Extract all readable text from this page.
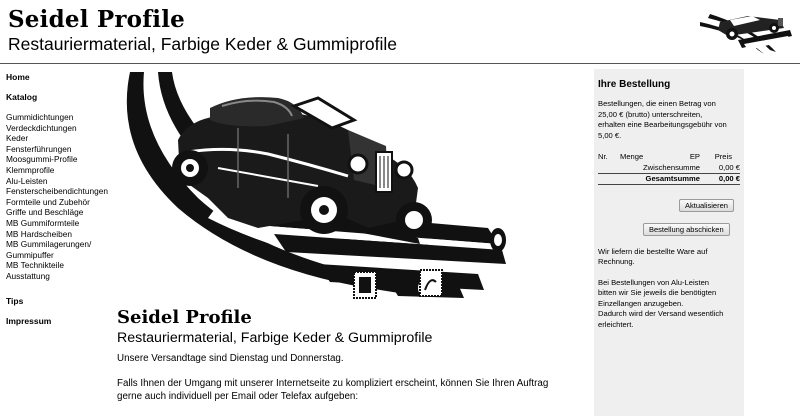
Seidel Profile
Restauriermaterial, Farbige Keder & Gummiprofile
Home
Katalog
Gummidichtungen
Verdeckdichtungen
Keder
Fensterführungen
Moosgummi-Profile
Klemmprofile
Alu-Leisten
Fensterscheibendichtungen
Formteile und Zubehör
Griffe und Beschläge
MB Gummiformteile
MB Hardscheiben
MB Gummilagerungen/
Gummipuffer
MB Technikteile
Ausstattung
Tips
Impressum	Seidel Profile
Restauriermaterial, Farbige Keder & Gummiprofile
Unsere Versandtage sind Dienstag und Donnerstag.
Falls Ihnen der Umgang mit unserer Internetseite zu kompliziert erscheint, können Sie Ihren Auftrag
gerne auch individuell per Email oder Telefax aufgeben:
Ihre Bestellung
Bestellungen, die einen Betrag von
25,00 € (brutto) unterschreiten,
erhalten eine Bearbeitungsgebühr von
5,00 €.
Nr.	Menge	EP	Preis
Zwischensumme			0,00 €
Gesamtsumme			0,00 €
Aktualisieren
Bestellung abschicken
Wir liefern die bestellte Ware auf
Rechnung.
Bei Bestellungen von Alu-Leisten
bitten wir Sie jeweils die benötigten
Einzellangen anzugeben.
Dadurch wird der Versand wesentlich
erleichtert.
